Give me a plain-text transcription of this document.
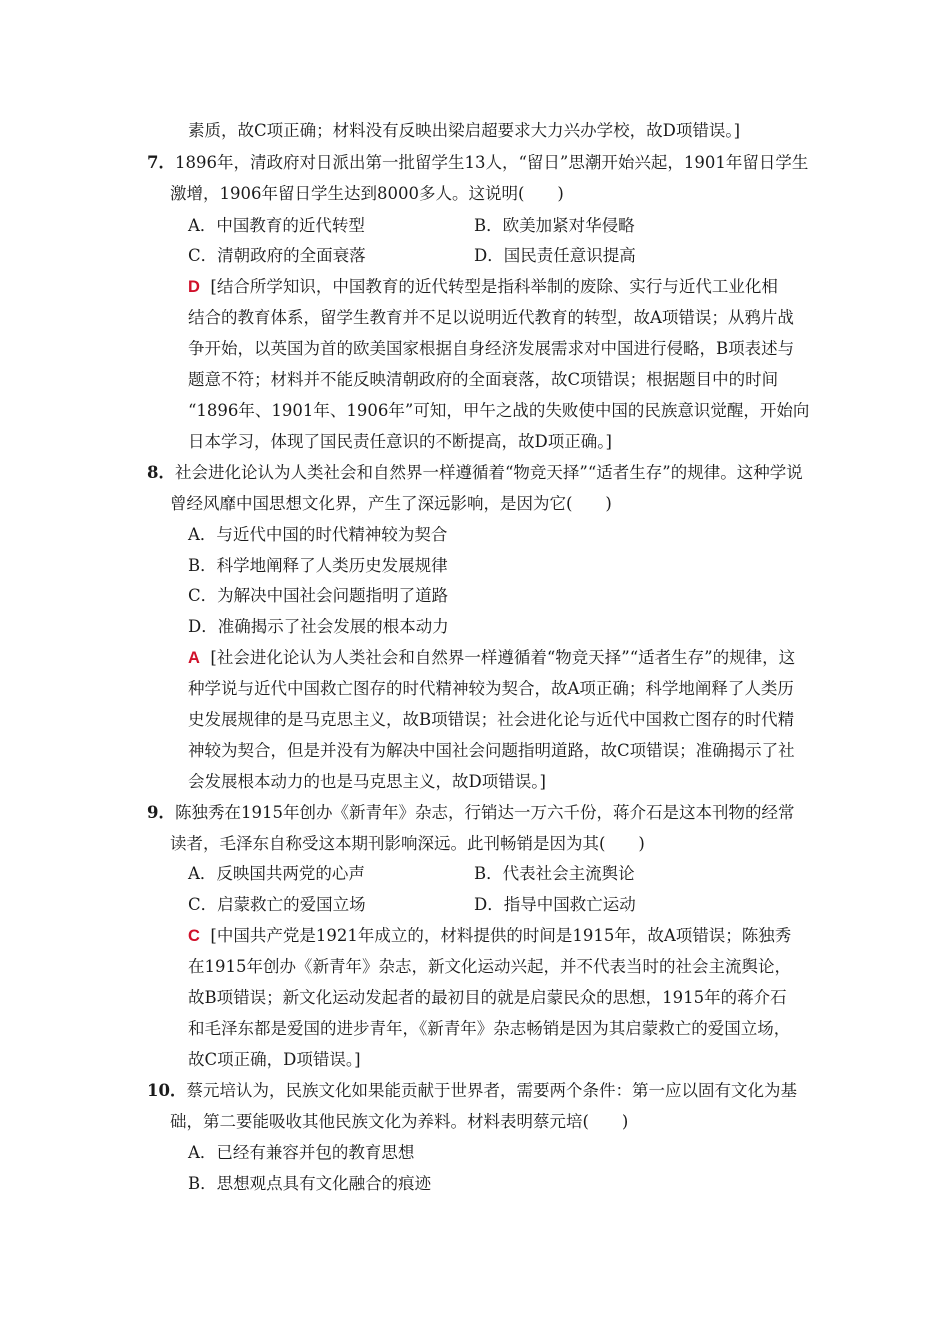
素质，故C项正确；材料没有反映出梁启超要求大力兴办学校，故D项错误。]
7．1896年，清政府对日派出第一批留学生13人，“留日”思潮开始兴起，1901年留日学生
激增，1906年留日学生达到8000多人。这说明(　　)
A．中国教育的近代转型	B．欧美加紧对华侵略
C．清朝政府的全面衰落	D．国民责任意识提高
D [结合所学知识，中国教育的近代转型是指科举制的废除、实行与近代工业化相
结合的教育体系，留学生教育并不足以说明近代教育的转型，故A项错误；从鸦片战
争开始，以英国为首的欧美国家根据自身经济发展需求对中国进行侵略，B项表述与
题意不符；材料并不能反映清朝政府的全面衰落，故C项错误；根据题目中的时间
“1896年、1901年、1906年”可知，甲午之战的失败使中国的民族意识觉醒，开始向
日本学习，体现了国民责任意识的不断提高，故D项正确。]
8．社会进化论认为人类社会和自然界一样遵循着“物竞天择”“适者生存”的规律。这种学说
曾经风靡中国思想文化界，产生了深远影响，是因为它(　　)
A．与近代中国的时代精神较为契合
B．科学地阐释了人类历史发展规律
C．为解决中国社会问题指明了道路
D．准确揭示了社会发展的根本动力
A [社会进化论认为人类社会和自然界一样遵循着“物竞天择”“适者生存”的规律，这
种学说与近代中国救亡图存的时代精神较为契合，故A项正确；科学地阐释了人类历
史发展规律的是马克思主义，故B项错误；社会进化论与近代中国救亡图存的时代精
神较为契合，但是并没有为解决中国社会问题指明道路，故C项错误；准确揭示了社
会发展根本动力的也是马克思主义，故D项错误。]
9．陈独秀在1915年创办《新青年》杂志，行销达一万六千份，蒋介石是这本刊物的经常
读者，毛泽东自称受这本期刊影响深远。此刊畅销是因为其(　　)
A．反映国共两党的心声	B．代表社会主流舆论
C．启蒙救亡的爱国立场	D．指导中国救亡运动
C [中国共产党是1921年成立的，材料提供的时间是1915年，故A项错误；陈独秀
在1915年创办《新青年》杂志，新文化运动兴起，并不代表当时的社会主流舆论，
故B项错误；新文化运动发起者的最初目的就是启蒙民众的思想，1915年的蒋介石
和毛泽东都是爱国的进步青年，《新青年》杂志畅销是因为其启蒙救亡的爱国立场，
故C项正确，D项错误。]
10．蔡元培认为，民族文化如果能贡献于世界者，需要两个条件：第一应以固有文化为基
础，第二要能吸收其他民族文化为养料。材料表明蔡元培(　　)
A．已经有兼容并包的教育思想
B．思想观点具有文化融合的痕迹
